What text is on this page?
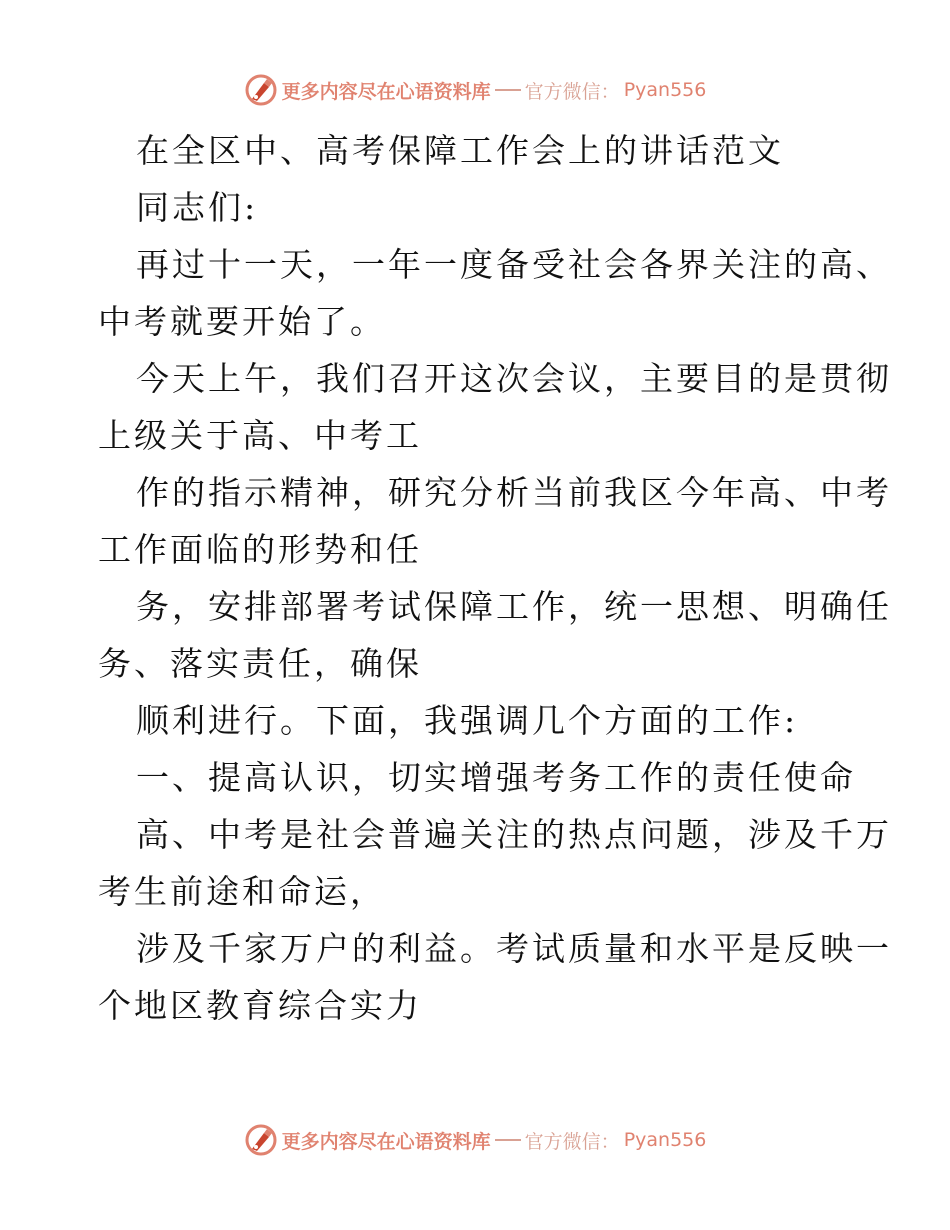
更多内容尽在心语资料库 官方微信： Pyan556
在全区中、高考保障工作会上的讲话范文
同志们:
再过十一天，一年一度备受社会各界关注的高、
中考就要开始了。
今天上午，我们召开这次会议，主要目的是贯彻
上级关于高、中考工
作的指示精神，研究分析当前我区今年高、中考
工作面临的形势和任
务，安排部署考试保障工作，统一思想、明确任
务、落实责任，确保
顺利进行。下面，我强调几个方面的工作:
一、提高认识，切实增强考务工作的责任使命
高、中考是社会普遍关注的热点问题，涉及千万
考生前途和命运，
涉及千家万户的利益。考试质量和水平是反映一
个地区教育综合实力
更多内容尽在心语资料库 官方微信： Pyan556
